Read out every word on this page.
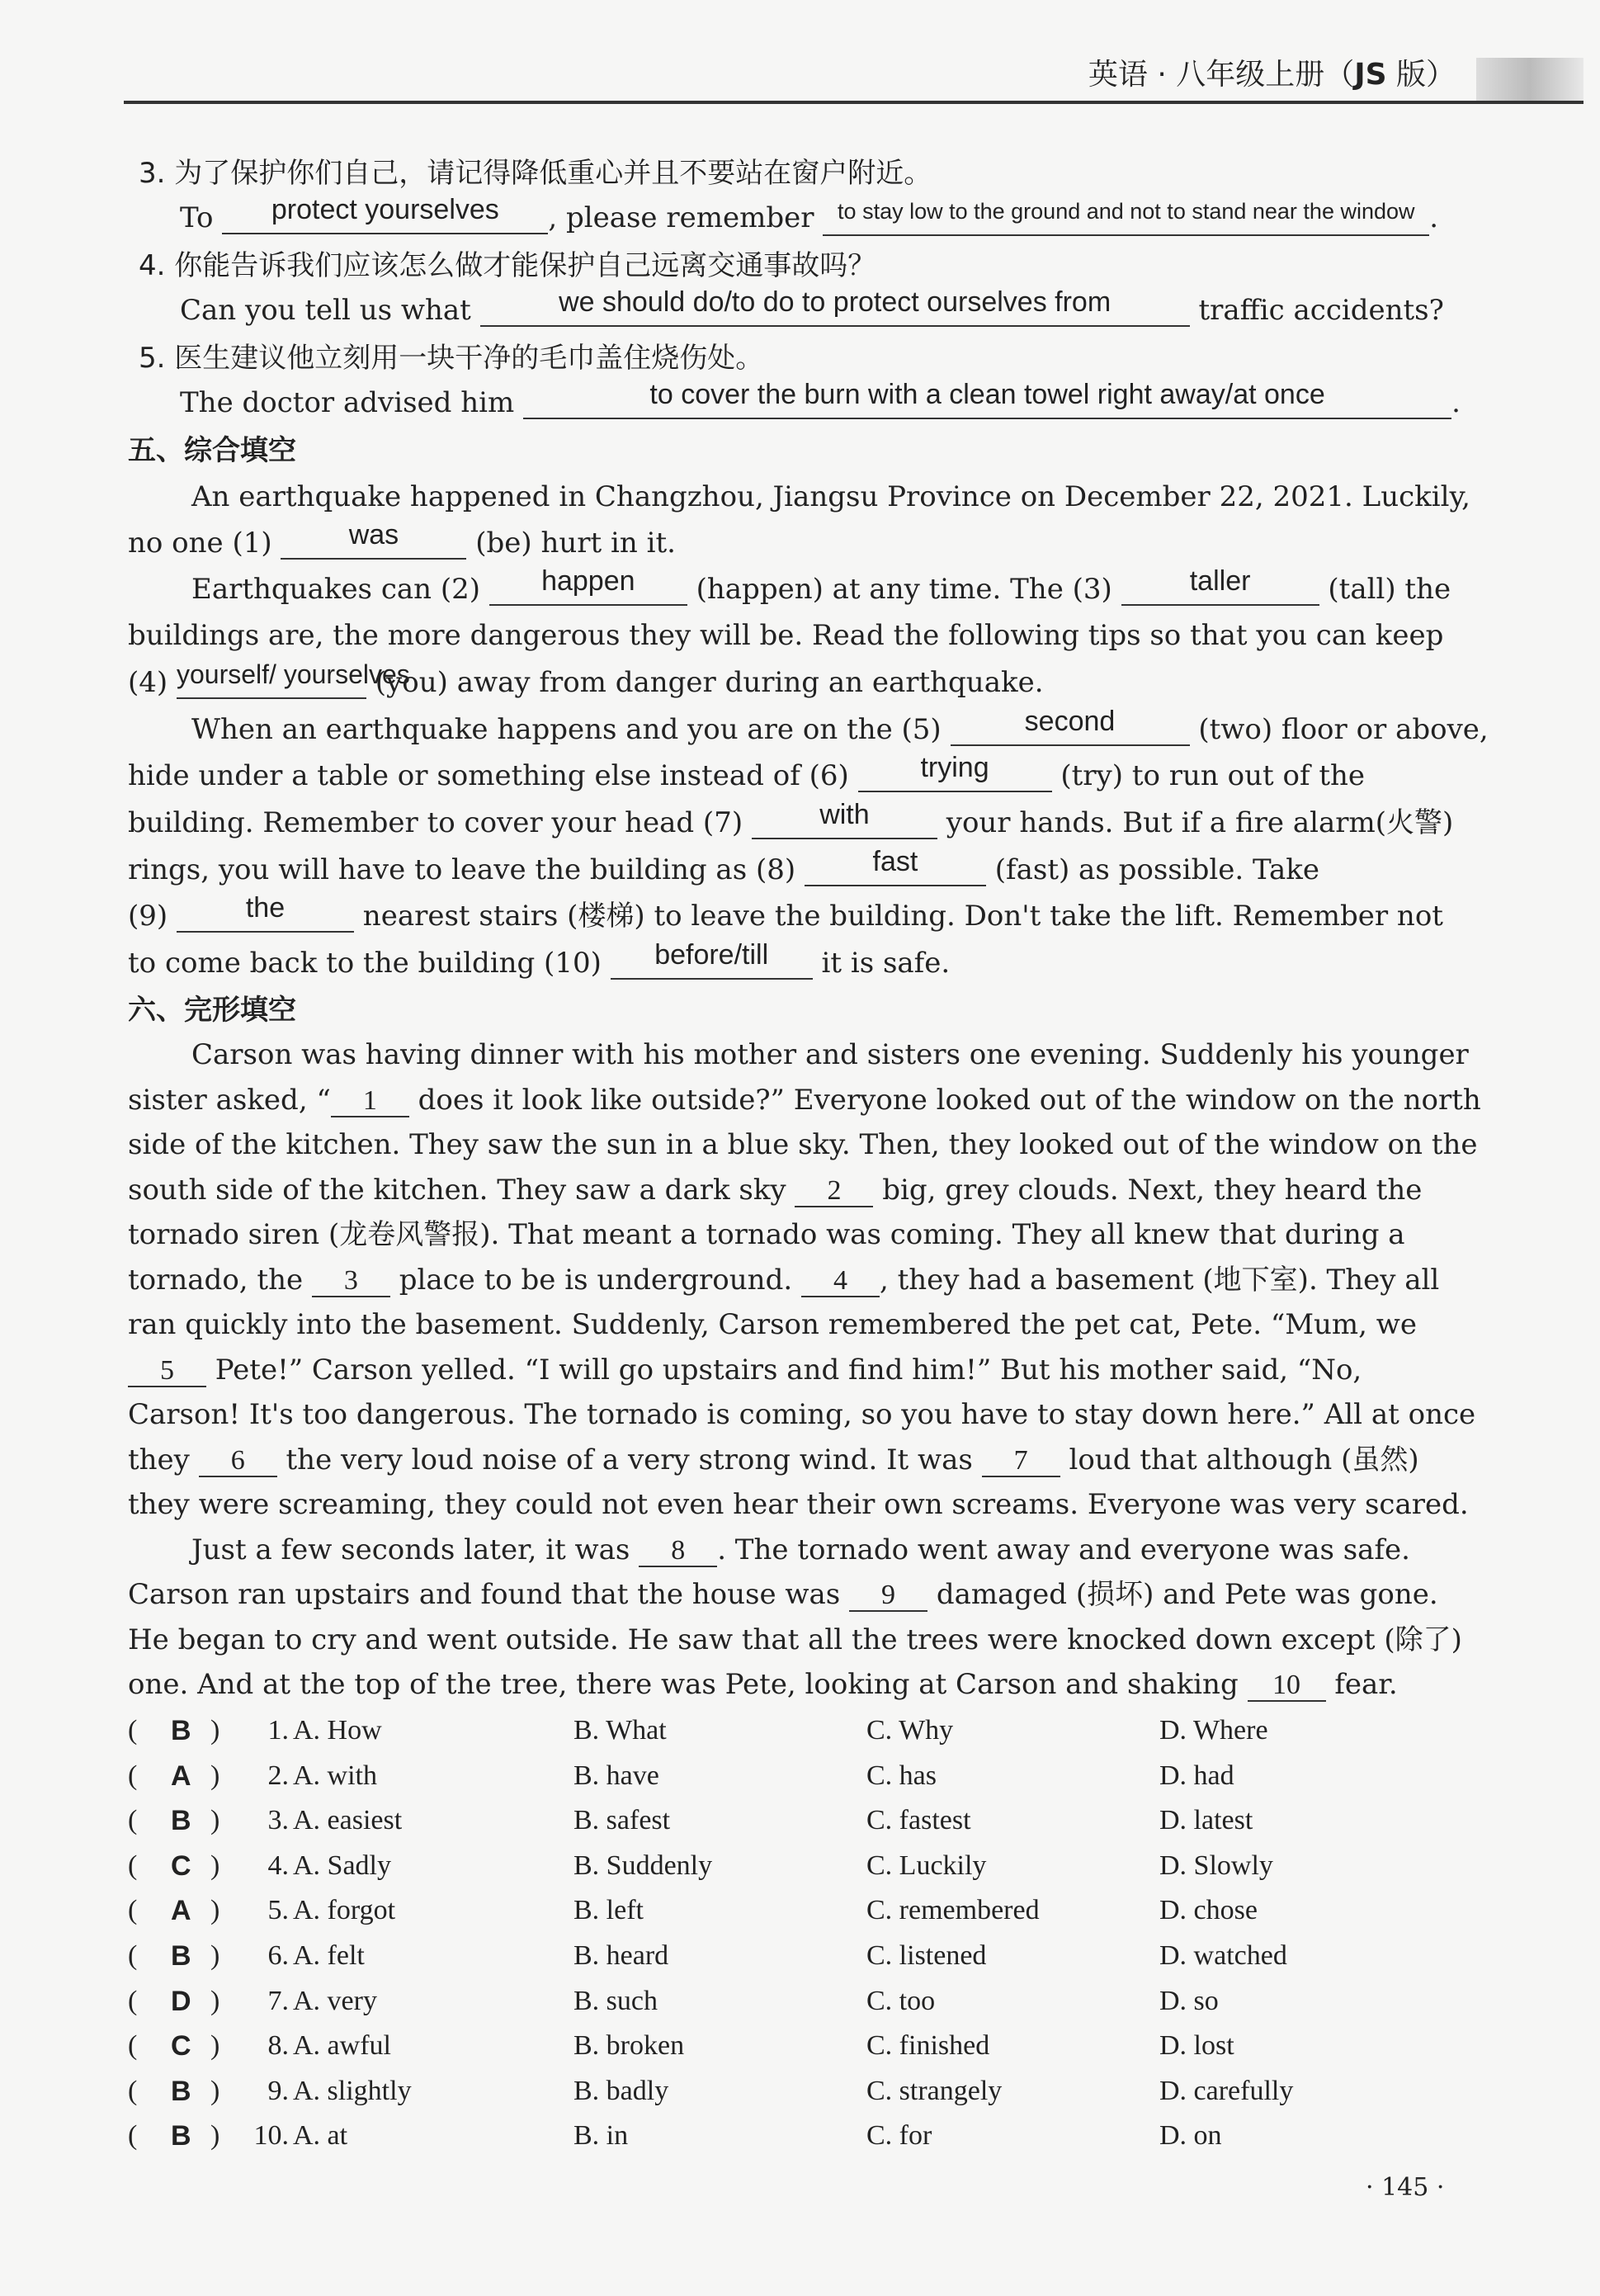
英语 · 八年级上册（JS 版）
3. 为了保护你们自己，请记得降低重心并且不要站在窗户附近。
To protect yourselves , please remember $^{to stay low to the ground and not to stand near the window}$ .
4. 你能告诉我们应该怎么做才能保护自己远离交通事故吗？
Can you tell us what	we should do/to do to protect ourselves from	traffic accidents?
5. 医生建议他立刻用一块干净的毛巾盖住烧伤处。
The doctor advised him	to cover the burn with a clean towel right away/at once	.
五、综合填空
An earthquake happened in Changzhou, Jiangsu Province on December 22, 2021. Luckily,
no one (1)	was	(be) hurt in it.
Earthquakes can (2) happen (happen) at any time. The (3)	taller	(tall) the
buildings are, the more dangerous they will be. Read the following tips so that you can keep
(4) yourself/ yourselves (you) away from danger during an earthquake.
When an earthquake happens and you are on the (5)	second	(two) floor or above,
hide under a table or something else instead of (6)	trying	(try) to run out of the
building. Remember to cover your head (7)	with	your hands. But if a fire alarm(火警)
rings, you will have to leave the building as (8)	fast	(fast) as possible. Take
(9)	the	nearest stairs (楼梯) to leave the building. Don't take the lift. Remember not
to come back to the building (10) before/till it is safe.
六、完形填空
Carson was having dinner with his mother and sisters one evening. Suddenly his younger
sister asked, “ 1 does it look like outside?” Everyone looked out of the window on the north
side of the kitchen. They saw the sun in a blue sky. Then, they looked out of the window on the
south side of the kitchen. They saw a dark sky 2 big, grey clouds. Next, they heard the
tornado siren (龙卷风警报). That meant a tornado was coming. They all knew that during a
tornado, the 3 place to be is underground. 4 , they had a basement (地下室). They all
ran quickly into the basement. Suddenly, Carson remembered the pet cat, Pete. “Mum, we
5 Pete!” Carson yelled. “I will go upstairs and find him!” But his mother said, “No,
Carson! It's too dangerous. The tornado is coming, so you have to stay down here.” All at once
they 6 the very loud noise of a very strong wind. It was 7 loud that although (虽然)
they were screaming, they could not even hear their own screams. Everyone was very scared.
Just a few seconds later, it was 8 . The tornado went away and everyone was safe.
Carson ran upstairs and found that the house was 9 damaged (损坏) and Pete was gone.
He began to cry and went outside. He saw that all the trees were knocked down except (除了)
one. And at the top of the tree, there was Pete, looking at Carson and shaking 10 fear.
( B )	1. A. How	B. What	C. Why	D. Where
( A )	2. A. with	B. have	C. has	D. had
( B )	3. A. easiest	B. safest	C. fastest	D. latest
( C )	4. A. Sadly	B. Suddenly	C. Luckily	D. Slowly
( A )	5. A. forgot	B. left	C. remembered	D. chose
( B )	6. A. felt	B. heard	C. listened	D. watched
( D )	7. A. very	B. such	C. too	D. so
( C )	8. A. awful	B. broken	C. finished	D. lost
( B )	9. A. slightly	B. badly	C. strangely	D. carefully
( B )	10. A. at	B. in	C. for	D. on
· 145 ·
